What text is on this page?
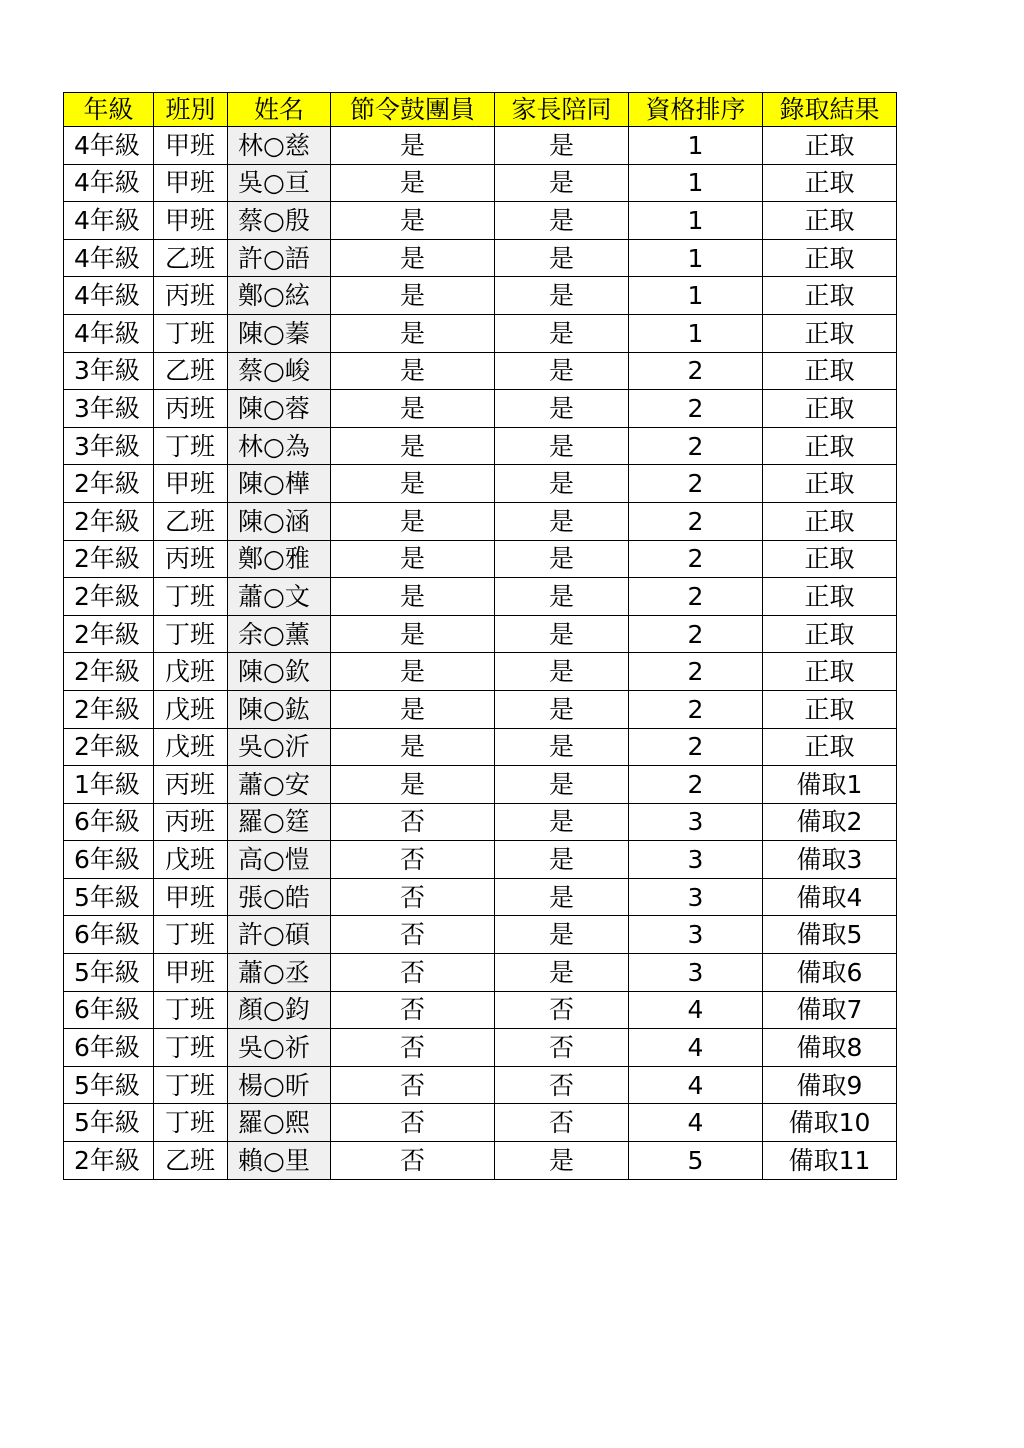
年級	班別	姓名	節令鼓團員	家長陪同	資格排序	錄取結果
4年級	甲班	林○慈	是	是	1	正取
4年級	甲班	吳○亘	是	是	1	正取
4年級	甲班	蔡○殷	是	是	1	正取
4年級	乙班	許○語	是	是	1	正取
4年級	丙班	鄭○絃	是	是	1	正取
4年級	丁班	陳○蓁	是	是	1	正取
3年級	乙班	蔡○峻	是	是	2	正取
3年級	丙班	陳○蓉	是	是	2	正取
3年級	丁班	林○為	是	是	2	正取
2年級	甲班	陳○樺	是	是	2	正取
2年級	乙班	陳○涵	是	是	2	正取
2年級	丙班	鄭○雅	是	是	2	正取
2年級	丁班	蕭○文	是	是	2	正取
2年級	丁班	余○薰	是	是	2	正取
2年級	戊班	陳○欽	是	是	2	正取
2年級	戊班	陳○鈜	是	是	2	正取
2年級	戊班	吳○沂	是	是	2	正取
1年級	丙班	蕭○安	是	是	2	備取1
6年級	丙班	羅○筳	否	是	3	備取2
6年級	戊班	高○愷	否	是	3	備取3
5年級	甲班	張○皓	否	是	3	備取4
6年級	丁班	許○碩	否	是	3	備取5
5年級	甲班	蕭○丞	否	是	3	備取6
6年級	丁班	顏○鈞	否	否	4	備取7
6年級	丁班	吳○祈	否	否	4	備取8
5年級	丁班	楊○昕	否	否	4	備取9
5年級	丁班	羅○熙	否	否	4	備取10
2年級	乙班	賴○里	否	是	5	備取11
